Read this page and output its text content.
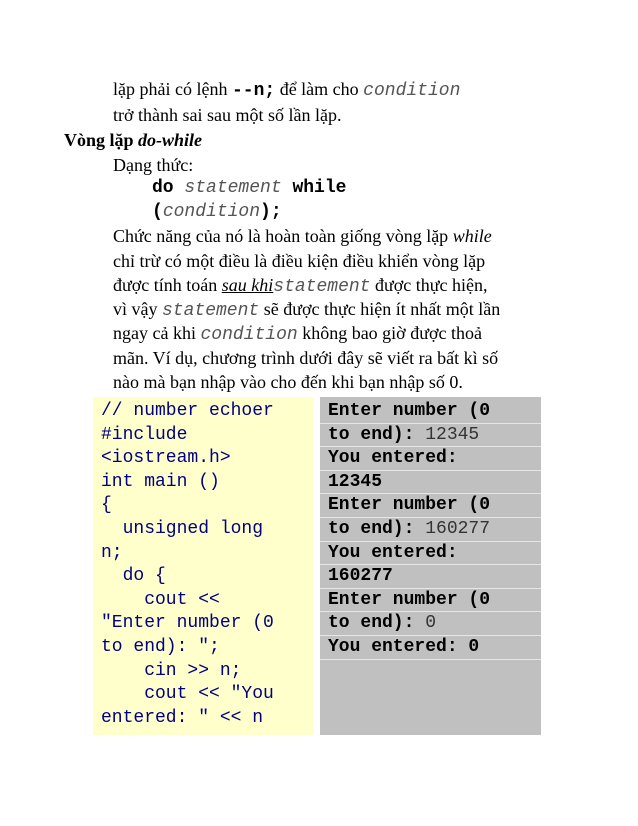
lặp phải có lệnh --n; để làm cho condition
trở thành sai sau một số lần lặp.
Vòng lặp do-while
Dạng thức:
do statement while
(condition);
Chức năng của nó là hoàn toàn giống vòng lặp while
chỉ trừ có một điều là điều kiện điều khiển vòng lặp
được tính toán sau khistatement được thực hiện,
vì vậy statement sẽ được thực hiện ít nhất một lần
ngay cả khi condition không bao giờ được thoả
mãn. Ví dụ, chương trình dưới đây sẽ viết ra bất kì số
nào mà bạn nhập vào cho đến khi bạn nhập số 0.
// number echoer
#include
<iostream.h>
int main ()
{
unsigned long
n;
do {
cout <<
"Enter number (0
to end): ";
cin >> n;
cout << "You
entered: " << n
Enter number (0
to end): 12345
You entered:
12345
Enter number (0
to end): 160277
You entered:
160277
Enter number (0
to end): 0
You entered: 0
